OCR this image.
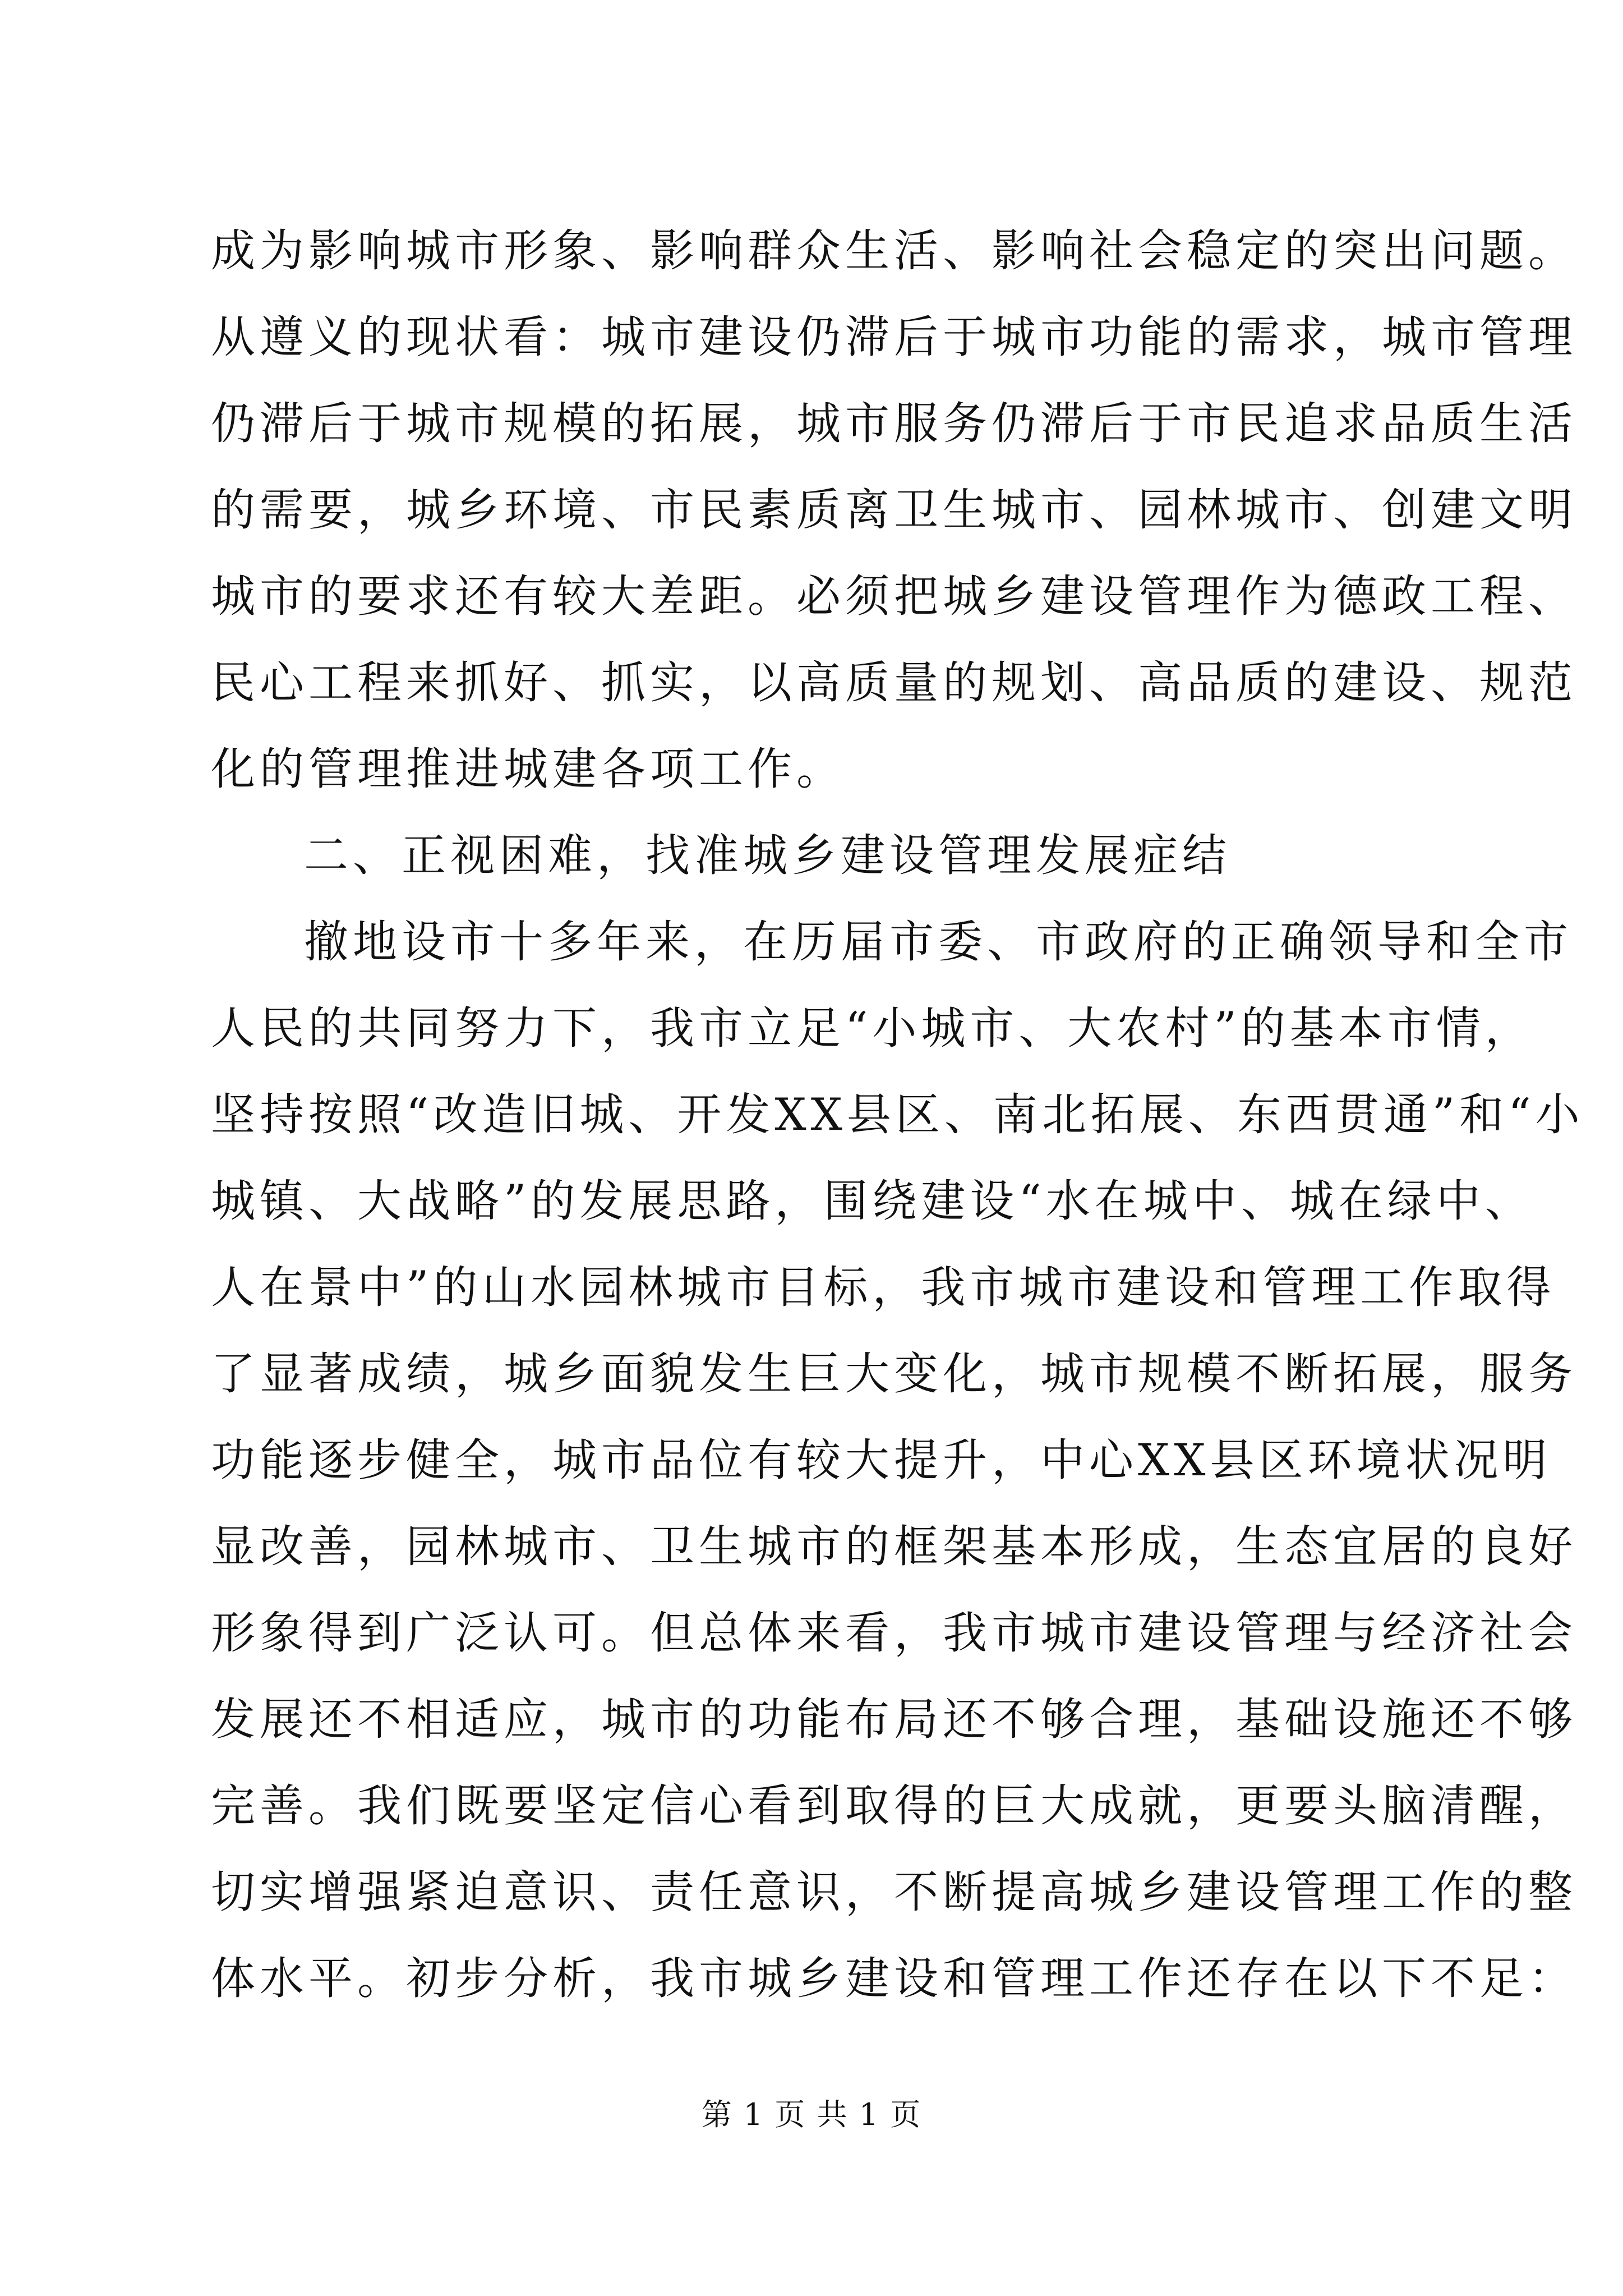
成为影响城市形象、影响群众生活、影响社会稳定的突出问题。
从遵义的现状看：城市建设仍滞后于城市功能的需求，城市管理
仍滞后于城市规模的拓展，城市服务仍滞后于市民追求品质生活
的需要，城乡环境、市民素质离卫生城市、园林城市、创建文明
城市的要求还有较大差距。必须把城乡建设管理作为德政工程、
民心工程来抓好、抓实，以高质量的规划、高品质的建设、规范
化的管理推进城建各项工作。
二、正视困难，找准城乡建设管理发展症结
撤地设市十多年来，在历届市委、市政府的正确领导和全市
人民的共同努力下，我市立足“小城市、大农村”的基本市情，
坚持按照“改造旧城、开发XX县区、南北拓展、东西贯通”和“小
城镇、大战略”的发展思路，围绕建设“水在城中、城在绿中、
人在景中”的山水园林城市目标，我市城市建设和管理工作取得
了显著成绩，城乡面貌发生巨大变化，城市规模不断拓展，服务
功能逐步健全，城市品位有较大提升，中心XX县区环境状况明
显改善，园林城市、卫生城市的框架基本形成，生态宜居的良好
形象得到广泛认可。但总体来看，我市城市建设管理与经济社会
发展还不相适应，城市的功能布局还不够合理，基础设施还不够
完善。我们既要坚定信心看到取得的巨大成就，更要头脑清醒，
切实增强紧迫意识、责任意识，不断提高城乡建设管理工作的整
体水平。初步分析，我市城乡建设和管理工作还存在以下不足：
第 1 页 共 1 页
